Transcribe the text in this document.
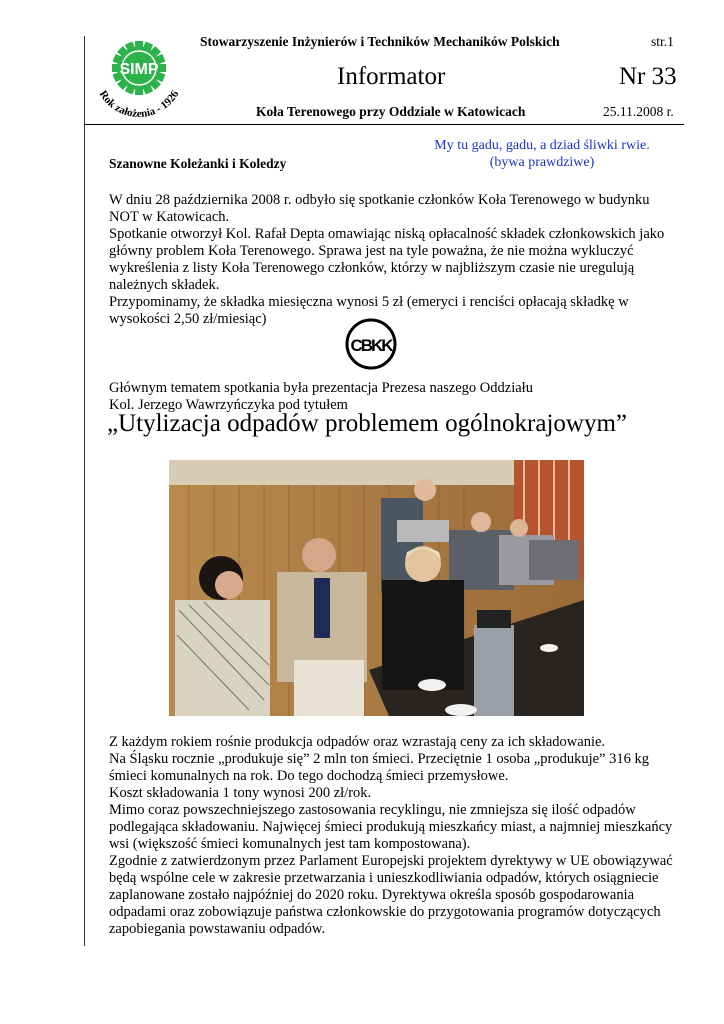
SIMP
Rok założenia - 1926
Stowarzyszenie Inżynierów i Techników Mechaników Polskich	str.1
Informator	Nr 33
Koła Terenowego przy Oddziale w Katowicach	25.11.2008 r.
My tu gadu, gadu, a dziad śliwki rwie.
(bywa prawdziwe)
Szanowne Koleżanki i Koledzy
W dniu 28 października 2008 r. odbyło się spotkanie członków Koła Terenowego w budynku
NOT w Katowicach.
Spotkanie otworzył Kol. Rafał Depta omawiając niską opłacalność składek członkowskich jako
główny problem Koła Terenowego. Sprawa jest na tyle poważna, że nie można wykluczyć
wykreślenia z listy Koła Terenowego członków, którzy w najbliższym czasie nie uregulują
należnych składek.
Przypominamy, że składka miesięczna wynosi 5 zł (emeryci i renciści opłacają składkę w
wysokości 2,50 zł/miesiąc)
CBKK
Głównym tematem spotkania była prezentacja Prezesa naszego Oddziału
Kol. Jerzego Wawrzyńczyka pod tytułem
„Utylizacja odpadów problemem ogólnokrajowym”
Z każdym rokiem rośnie produkcja odpadów oraz wzrastają ceny za ich składowanie.
Na Śląsku rocznie „produkuje się” 2 mln ton śmieci. Przeciętnie 1 osoba „produkuje” 316 kg
śmieci komunalnych na rok. Do tego dochodzą śmieci przemysłowe.
Koszt składowania 1 tony wynosi 200 zł/rok.
Mimo coraz powszechniejszego zastosowania recyklingu, nie zmniejsza się ilość odpadów
podlegająca składowaniu. Najwięcej śmieci produkują mieszkańcy miast, a najmniej mieszkańcy
wsi (większość śmieci komunalnych jest tam kompostowana).
Zgodnie z zatwierdzonym przez Parlament Europejski projektem dyrektywy w UE obowiązywać
będą wspólne cele w zakresie przetwarzania i unieszkodliwiania odpadów, których osiągniecie
zaplanowane zostało najpóźniej do 2020 roku. Dyrektywa określa sposób gospodarowania
odpadami oraz zobowiązuje państwa członkowskie do przygotowania programów dotyczących
zapobiegania powstawaniu odpadów.
